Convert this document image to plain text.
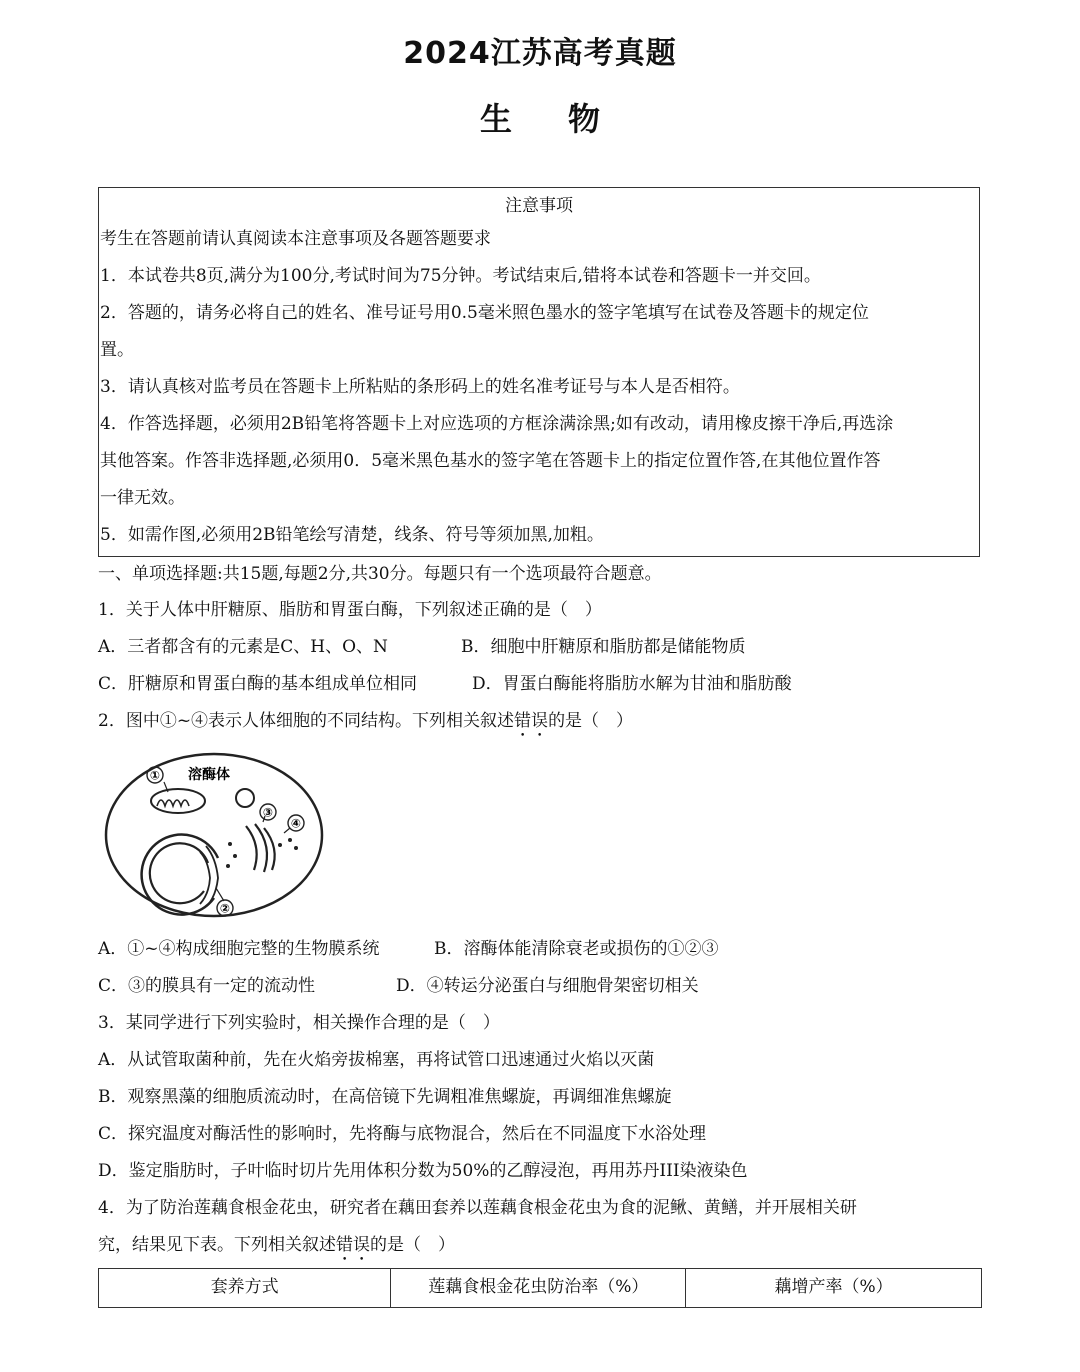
2024江苏高考真题
生物
注意事项
考生在答题前请认真阅读本注意事项及各题答题要求
1．本试卷共8页,满分为100分,考试时间为75分钟。考试结束后,错将本试卷和答题卡一并交回。
2．答题的，请务必将自己的姓名、准号证号用0.5毫米照色墨水的签字笔填写在试卷及答题卡的规定位
置。
3．请认真核对监考员在答题卡上所粘贴的条形码上的姓名准考证号与本人是否相符。
4．作答选择题，必须用2B铅笔将答题卡上对应选项的方框涂满涂黑;如有改动，请用橡皮擦干净后,再选涂
其他答案。作答非选择题,必须用0．5毫米黑色基水的签字笔在答题卡上的指定位置作答,在其他位置作答
一律无效。
5．如需作图,必须用2B铅笔绘写清楚，线条、符号等须加黑,加粗。
一、单项选择题:共15题,每题2分,共30分。每题只有一个选项最符合题意。
1．关于人体中肝糖原、脂肪和胃蛋白酶，下列叙述正确的是（　）
A．三者都含有的元素是C、H、O、N	B．细胞中肝糖原和脂肪都是储能物质
C．肝糖原和胃蛋白酶的基本组成单位相同	D．胃蛋白酶能将脂肪水解为甘油和脂肪酸
2．图中①~④表示人体细胞的不同结构。下列相关叙述错误的是（　）
① 溶酶体
②
③
④
A．①~④构成细胞完整的生物膜系统	B．溶酶体能清除衰老或损伤的①②③
C．③的膜具有一定的流动性	D．④转运分泌蛋白与细胞骨架密切相关
3．某同学进行下列实验时，相关操作合理的是（　）
A．从试管取菌种前，先在火焰旁拔棉塞，再将试管口迅速通过火焰以灭菌
B．观察黑藻的细胞质流动时，在高倍镜下先调粗准焦螺旋，再调细准焦螺旋
C．探究温度对酶活性的影响时，先将酶与底物混合，然后在不同温度下水浴处理
D．鉴定脂肪时，子叶临时切片先用体积分数为50%的乙醇浸泡，再用苏丹III染液染色
4．为了防治莲藕食根金花虫，研究者在藕田套养以莲藕食根金花虫为食的泥鳅、黄鳝，并开展相关研
究，结果见下表。下列相关叙述错误的是（　）
套养方式	莲藕食根金花虫防治率（%）	藕增产率（%）
